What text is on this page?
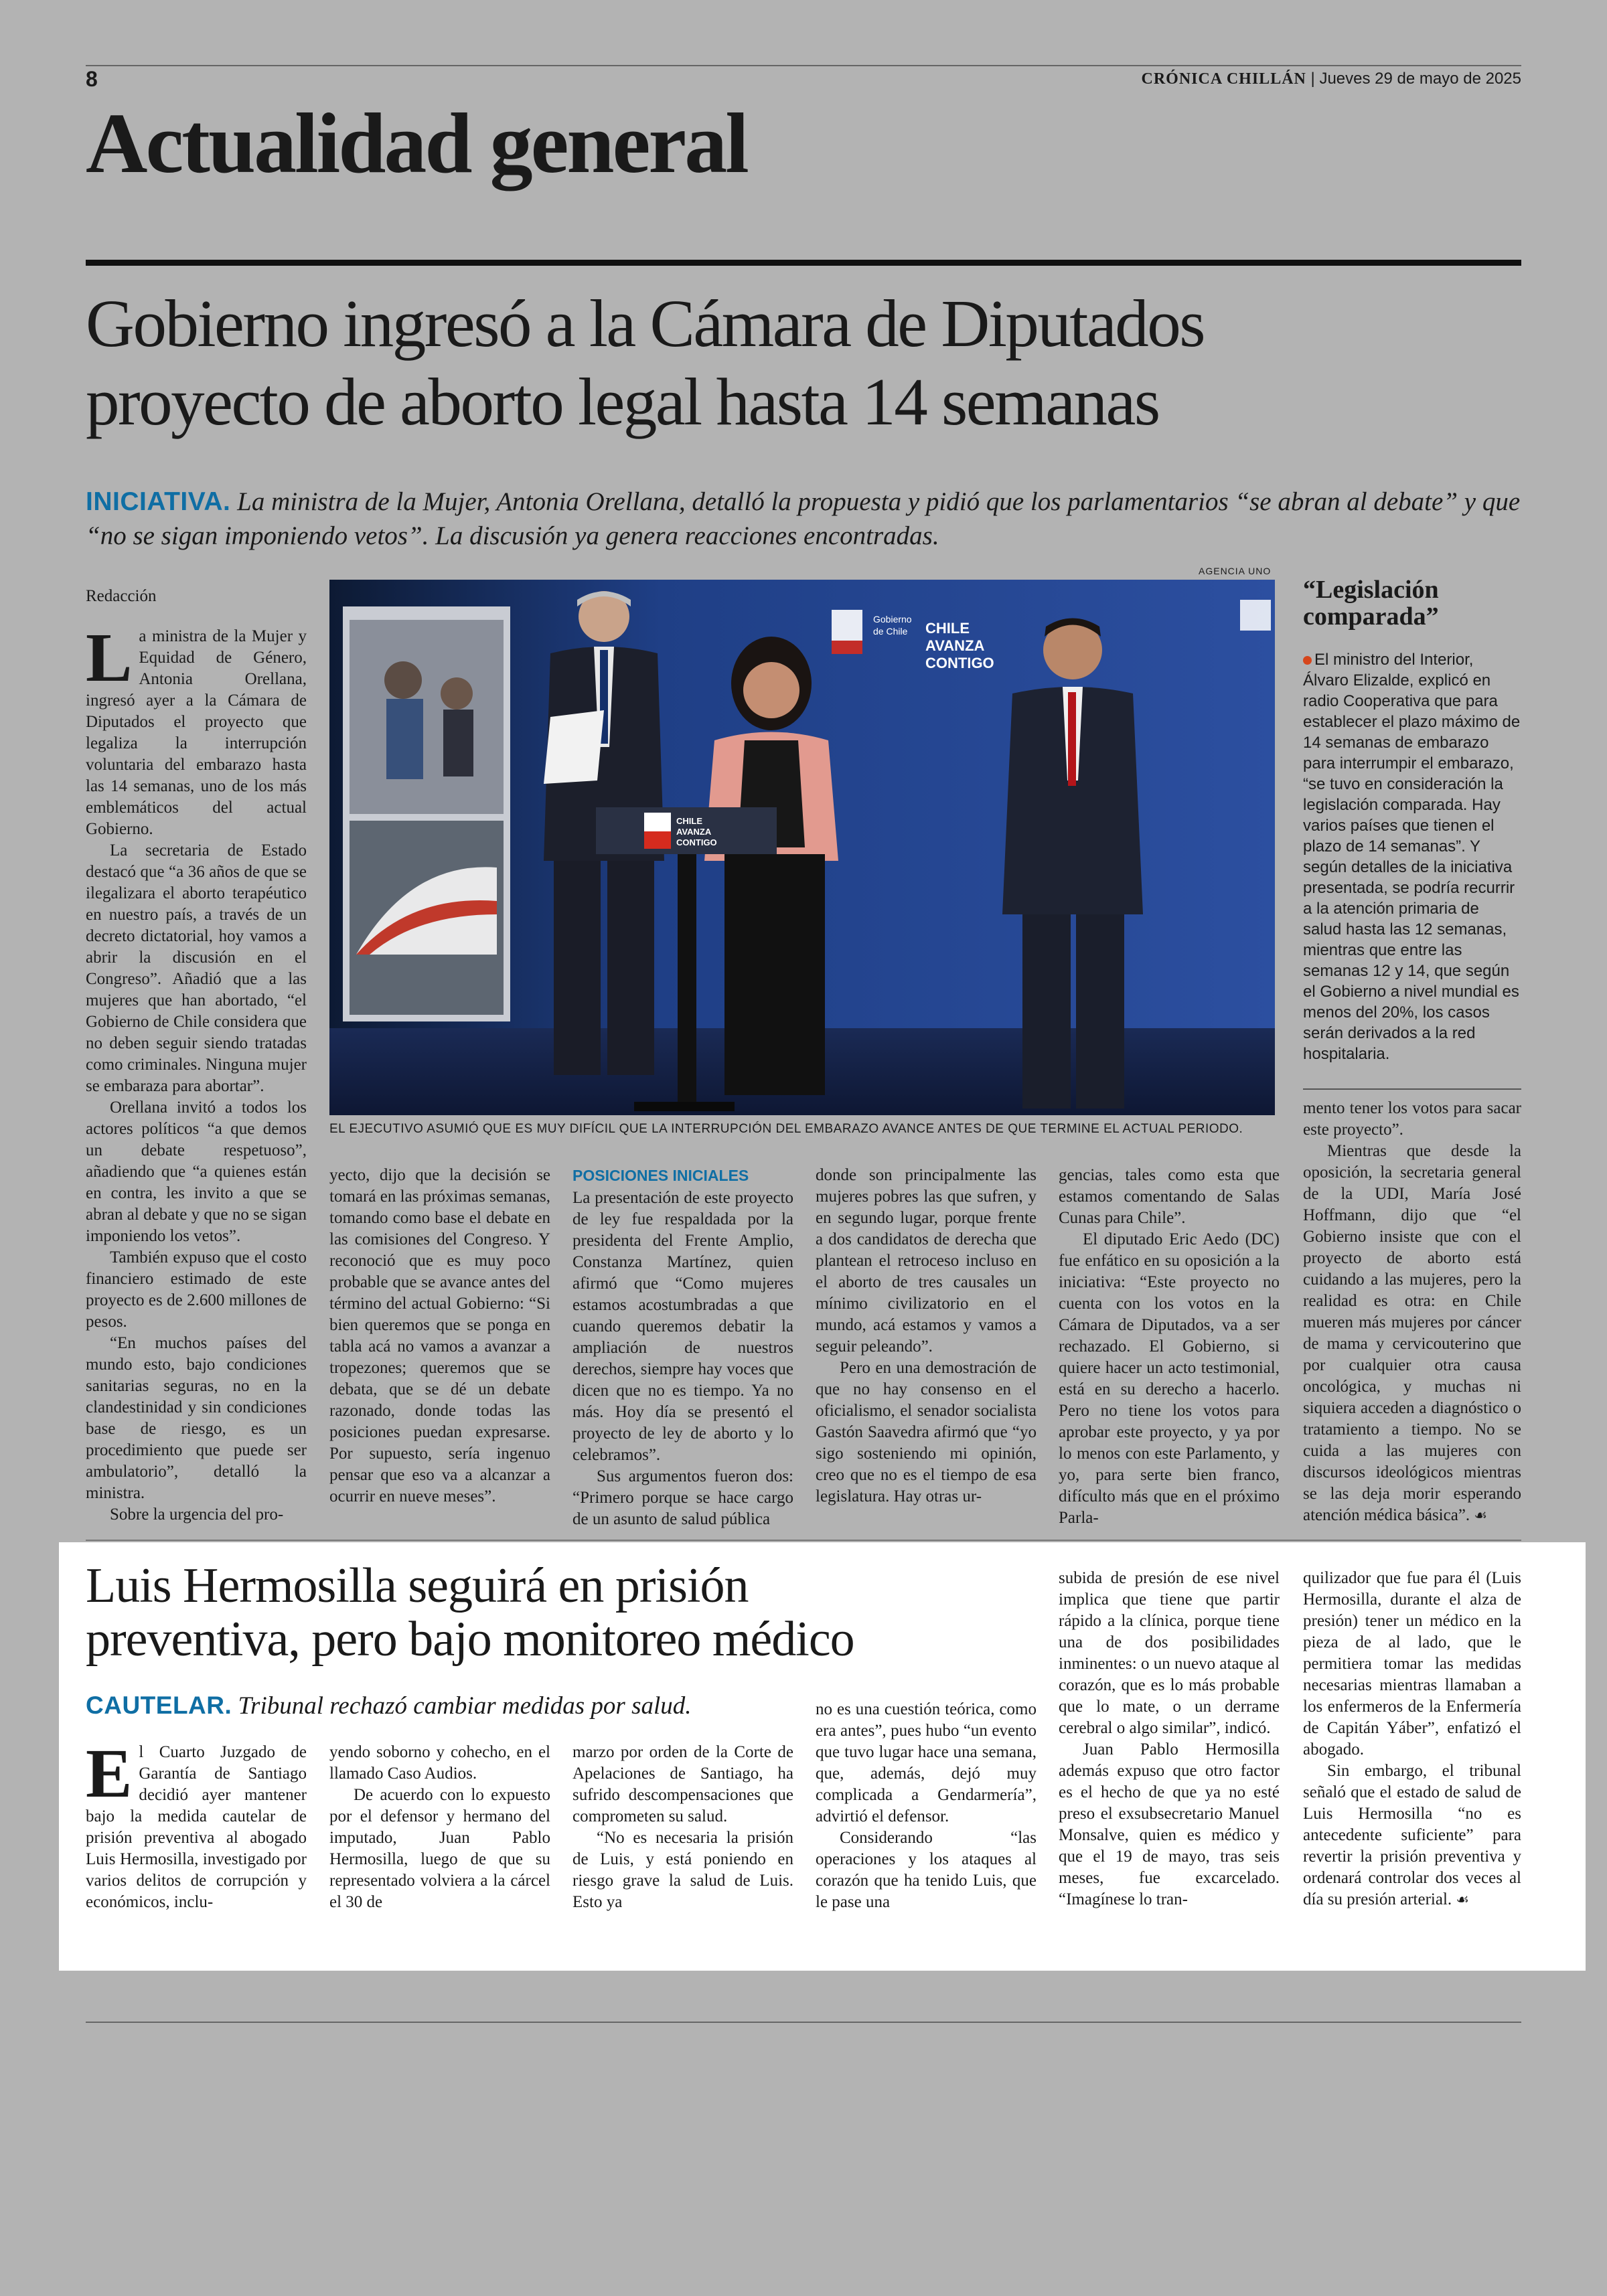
8	CRÓNICA CHILLÁN | Jueves 29 de mayo de 2025
Actualidad general
Gobierno ingresó a la Cámara de Diputados
proyecto de aborto legal hasta 14 semanas
INICIATIVA. La ministra de la Mujer, Antonia Orellana, detalló la propuesta y pidió que los parlamentarios “se abran al debate” y que “no se sigan imponiendo vetos”. La discusión ya genera reacciones encontradas.
AGENCIA UNO
Gobierno
de Chile CHILE
AVANZA
CONTIGO
CHILE
AVANZA
CONTIGO
EL EJECUTIVO ASUMIÓ QUE ES MUY DIFÍCIL QUE LA INTERRUPCIÓN DEL EMBARAZO AVANCE ANTES DE QUE TERMINE EL ACTUAL PERIODO.

Redacción

La ministra de la Mujer y Equidad de Género, Antonia Orellana, ingresó ayer a la Cámara de Diputados el proyecto que legaliza la interrupción voluntaria del embarazo hasta las 14 semanas, uno de los más emblemáticos del actual Gobierno.

La secretaria de Estado destacó que “a 36 años de que se ilegalizara el aborto terapéutico en nuestro país, a través de un decreto dictatorial, hoy vamos a abrir la discusión en el Congreso”. Añadió que a las mujeres que han abortado, “el Gobierno de Chile considera que no deben seguir siendo tratadas como criminales. Ninguna mujer se embaraza para abortar”.

Orellana invitó a todos los actores políticos “a que demos un debate respetuoso”, añadiendo que “a quienes están en contra, les invito a que se abran al debate y que no se sigan imponiendo los vetos”.

También expuso que el costo financiero estimado de este proyecto es de 2.600 millones de pesos.

“En muchos países del mundo esto, bajo condiciones sanitarias seguras, no en la clandestinidad y sin condiciones base de riesgo, es un procedimiento que puede ser ambulatorio”, detalló la ministra.

Sobre la urgencia del pro-

yecto, dijo que la decisión se tomará en las próximas semanas, tomando como base el debate en las comisiones del Congreso. Y reconoció que es muy poco probable que se avance antes del término del actual Gobierno: “Si bien queremos que se ponga en tabla acá no vamos a avanzar a tropezones; queremos que se debata, que se dé un debate razonado, donde todas las posiciones puedan expresarse. Por supuesto, sería ingenuo pensar que eso va a alcanzar a ocurrir en nueve meses”.

POSICIONES INICIALES

La presentación de este proyecto de ley fue respaldada por la presidenta del Frente Amplio, Constanza Martínez, quien afirmó que “Como mujeres estamos acostumbradas a que cuando queremos debatir la ampliación de nuestros derechos, siempre hay voces que dicen que no es tiempo. Ya no más. Hoy día se presentó el proyecto de ley de aborto y lo celebramos”.

Sus argumentos fueron dos: “Primero porque se hace cargo de un asunto de salud pública

donde son principalmente las mujeres pobres las que sufren, y en segundo lugar, porque frente a dos candidatos de derecha que plantean el retroceso incluso en el aborto de tres causales un mínimo civilizatorio en el mundo, acá estamos y vamos a seguir peleando”.

Pero en una demostración de que no hay consenso en el oficialismo, el senador socialista Gastón Saavedra afirmó que “yo sigo sosteniendo mi opinión, creo que no es el tiempo de esa legislatura. Hay otras ur-

gencias, tales como esta que estamos comentando de Salas Cunas para Chile”.

El diputado Eric Aedo (DC) fue enfático en su oposición a la iniciativa: “Este proyecto no cuenta con los votos en la Cámara de Diputados, va a ser rechazado. El Gobierno, si quiere hacer un acto testimonial, está en su derecho a hacerlo. Pero no tiene los votos para aprobar este proyecto, y ya por lo menos con este Parlamento, y yo, para serte bien franco, difículto más que en el próximo Parla-

mento tener los votos para sacar este proyecto”.

Mientras que desde la oposición, la secretaria general de la UDI, María José Hoffmann, dijo que “el Gobierno insiste que con el proyecto de aborto está cuidando a las mujeres, pero la realidad es otra: en Chile mueren más mujeres por cáncer de mama y cervicouterino que por cualquier otra causa oncológica, y muchas ni siquiera acceden a diagnóstico o tratamiento a tiempo. No se cuida a las mujeres con discursos ideológicos mientras se las deja morir esperando atención médica básica”. ☙

“Legislación comparada”

El ministro del Interior, Álvaro Elizalde, explicó en radio Cooperativa que para establecer el plazo máximo de 14 semanas de embarazo para interrumpir el embarazo, “se tuvo en consideración la legislación comparada. Hay varios países que tienen el plazo de 14 semanas”. Y según detalles de la iniciativa presentada, se podría recurrir a la atención primaria de salud hasta las 12 semanas, mientras que entre las semanas 12 y 14, que según el Gobierno a nivel mundial es menos del 20%, los casos serán derivados a la red hospitalaria.

Luis Hermosilla seguirá en prisión
preventiva, pero bajo monitoreo médico
CAUTELAR. Tribunal rechazó cambiar medidas por salud.

El Cuarto Juzgado de Garantía de Santiago decidió ayer mantener bajo la medida cautelar de prisión preventiva al abogado Luis Hermosilla, investigado por varios delitos de corrupción y económicos, inclu-

yendo soborno y cohecho, en el llamado Caso Audios.

De acuerdo con lo expuesto por el defensor y hermano del imputado, Juan Pablo Hermosilla, luego de que su representado volviera a la cárcel el 30 de

marzo por orden de la Corte de Apelaciones de Santiago, ha sufrido descompensaciones que comprometen su salud.

“No es necesaria la prisión de Luis, y está poniendo en riesgo grave la salud de Luis. Esto ya

no es una cuestión teórica, como era antes”, pues hubo “un evento que tuvo lugar hace una semana, que, además, dejó muy complicada a Gendarmería”, advirtió el defensor.

Considerando “las operaciones y los ataques al corazón que ha tenido Luis, que le pase una

subida de presión de ese nivel implica que tiene que partir rápido a la clínica, porque tiene una de dos posibilidades inminentes: o un nuevo ataque al corazón, que es lo más probable que lo mate, o un derrame cerebral o algo similar”, indicó.

Juan Pablo Hermosilla además expuso que otro factor es el hecho de que ya no esté preso el exsubsecretario Manuel Monsalve, quien es médico y que el 19 de mayo, tras seis meses, fue excarcelado. “Imagínese lo tran-

quilizador que fue para él (Luis Hermosilla, durante el alza de presión) tener un médico en la pieza de al lado, que le permitiera tomar las medidas necesarias mientras llamaban a los enfermeros de la Enfermería de Capitán Yáber”, enfatizó el abogado.

Sin embargo, el tribunal señaló que el estado de salud de Luis Hermosilla “no es antecedente suficiente” para revertir la prisión preventiva y ordenará controlar dos veces al día su presión arterial. ☙
